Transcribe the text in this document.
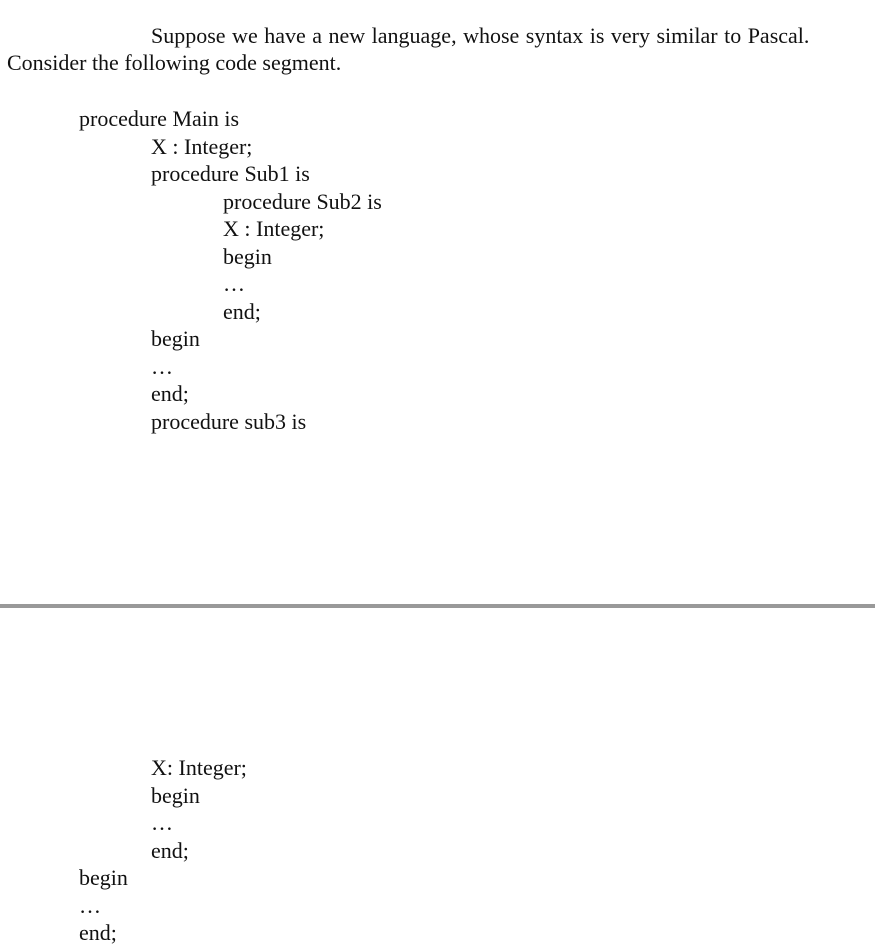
Suppose we have a new language, whose syntax is very similar to Pascal.
Consider the following code segment.
procedure Main is
X : Integer;
procedure Sub1 is
procedure Sub2 is
X : Integer;
begin
…
end;
begin
…
end;
procedure sub3 is
X: Integer;
begin
…
end;
begin
…
end;
